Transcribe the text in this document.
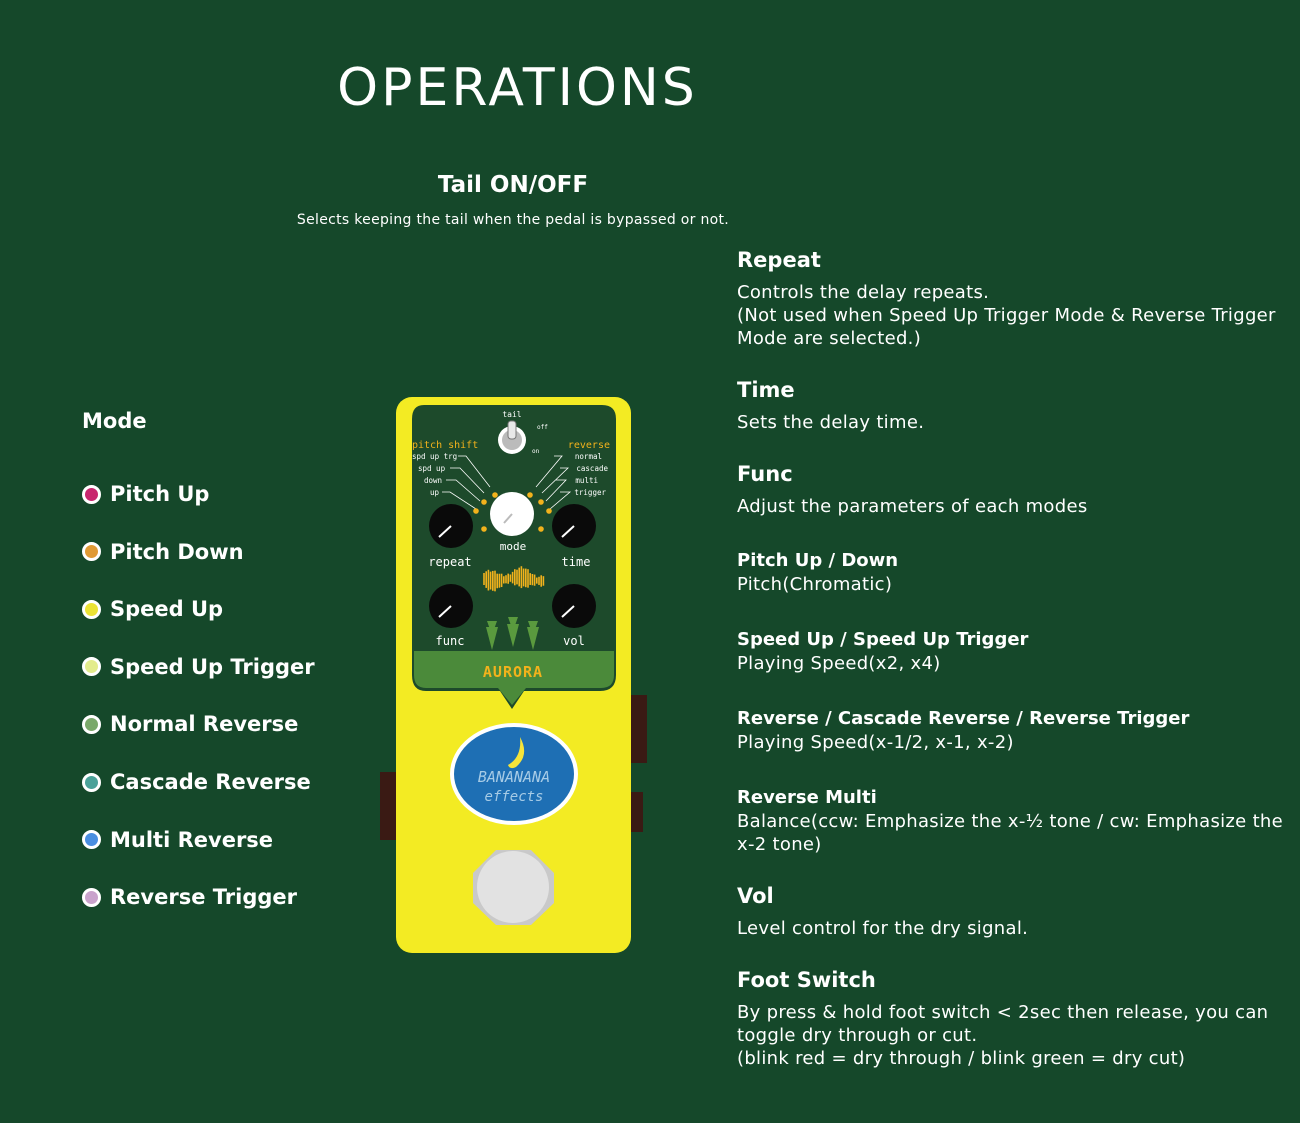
OPERATIONS
Tail ON/OFF
Selects keeping the tail when the pedal is bypassed or not.
Mode
Pitch Up
Pitch Down
Speed Up
Speed Up Trigger
Normal Reverse
Cascade Reverse
Multi Reverse
Reverse Trigger
Repeat
Controls the delay repeats.
(Not used when Speed Up Trigger Mode & Reverse Trigger
Mode are selected.)
Time
Sets the delay time.
Func
Adjust the parameters of each modes
Pitch Up / Down
Pitch(Chromatic)
Speed Up / Speed Up Trigger
Playing Speed(x2, x4)
Reverse / Cascade Reverse / Reverse Trigger
Playing Speed(x-1/2, x-1, x-2)
Reverse Multi
Balance(ccw: Emphasize the x-½ tone / cw: Emphasize the
x-2 tone)
Vol
Level control for the dry signal.
Foot Switch
By press & hold foot switch < 2sec then release, you can
toggle dry through or cut.
(blink red = dry through / blink green = dry cut)
tail
off
on
pitch shift
spd up trg
spd up
down
up
reverse
normal
cascade
multi
trigger
mode
repeat	time
func	vol
AURORA
BANANANA
effects
